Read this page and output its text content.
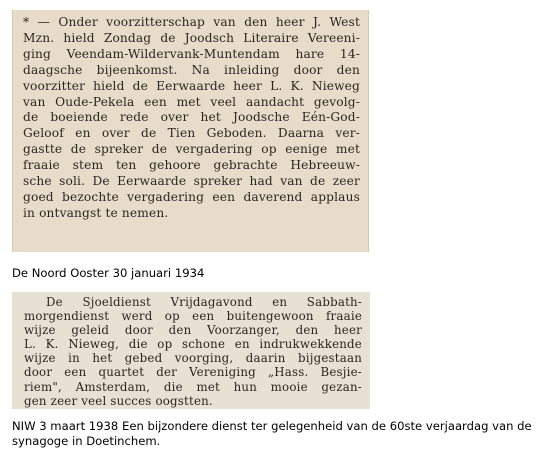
* — Onder voorzitterschap van den heer J. West
Mzn. hield Zondag de Joodsch Literaire Vereeni-
ging Veendam-Wildervank-Muntendam hare 14-
daagsche bijeenkomst. Na inleiding door den
voorzitter hield de Eerwaarde heer L. K. Nieweg
van Oude-Pekela een met veel aandacht gevolg-
de boeiende rede over het Joodsche Eén-God-
Geloof en over de Tien Geboden. Daarna ver-
gastte de spreker de vergadering op eenige met
fraaie stem ten gehoore gebrachte Hebreeuw-
sche soli. De Eerwaarde spreker had van de zeer
goed bezochte vergadering een daverend applaus
in ontvangst te nemen.

De Noord Ooster 30 januari 1934

De Sjoeldienst Vrijdagavond en Sabbath-
morgendienst werd op een buitengewoon fraaie
wijze geleid door den Voorzanger, den heer
L. K. Nieweg, die op schone en indrukwekkende
wijze in het gebed voorging, daarin bijgestaan
door een quartet der Vereniging „Hass. Besjie-
riem", Amsterdam, die met hun mooie gezan-
gen zeer veel succes oogstten.

NIW 3 maart 1938 Een bijzondere dienst ter gelegenheid van de 60ste verjaardag van de synagoge in Doetinchem.
